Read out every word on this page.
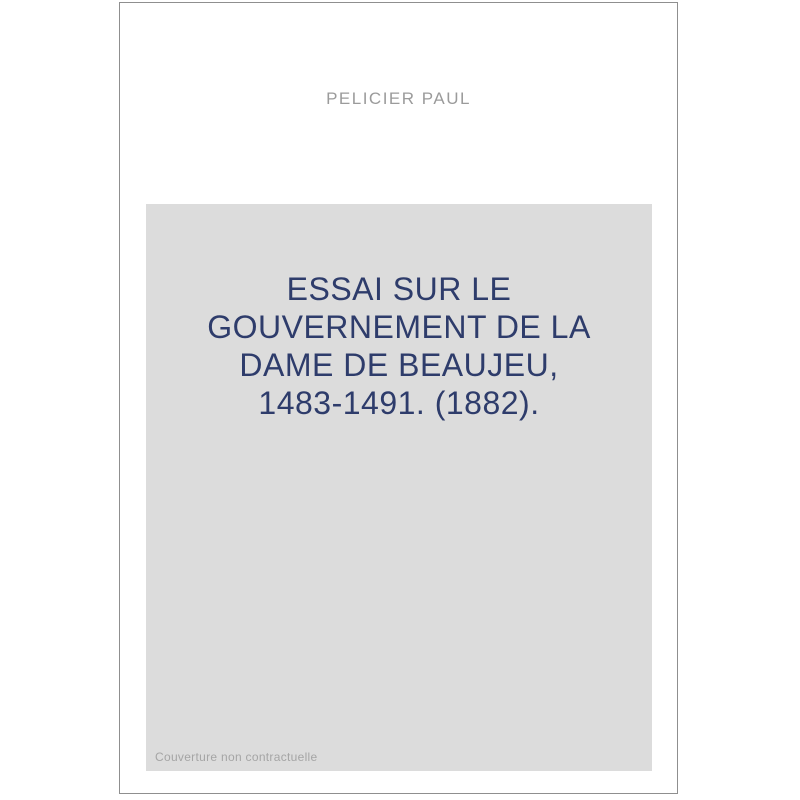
PELICIER PAUL
ESSAI SUR LE
GOUVERNEMENT DE LA
DAME DE BEAUJEU,
1483-1491. (1882).
Couverture non contractuelle
